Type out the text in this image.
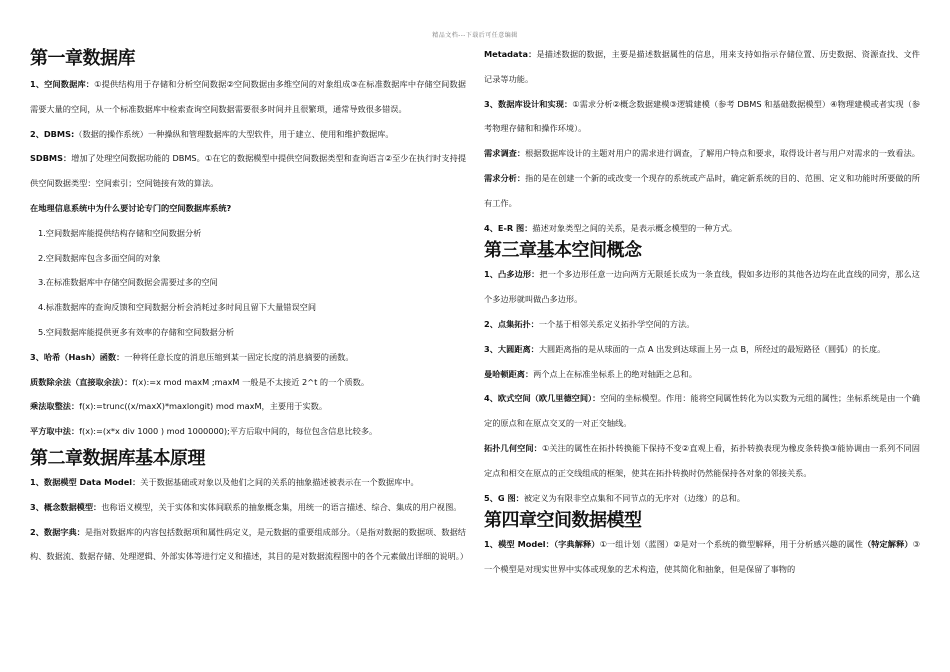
精品文档---下载后可任意编辑
第一章数据库

1、空间数据库：①提供结构用于存储和分析空间数据②空间数据由多维空间的对象组成③在标准数据库中存储空间数据需要大量的空间，从一个标准数据库中检索查询空间数据需要很多时间并且很繁琐，通常导致很多错误。

2、DBMS:（数据的操作系统）一种操纵和管理数据库的大型软件，用于建立、使用和维护数据库。

SDBMS：增加了处理空间数据功能的 DBMS。①在它的数据模型中提供空间数据类型和查询语言②至少在执行时支持提供空间数据类型：空间索引；空间链接有效的算法。

在地理信息系统中为什么要讨论专门的空间数据库系统?

1.空间数据库能提供结构存储和空间数据分析

2.空间数据库包含多面空间的对象

3.在标准数据库中存储空间数据会需要过多的空间

4.标准数据库的查询反馈和空间数据分析会消耗过多时间且留下大量错误空间

5.空间数据库能提供更多有效率的存储和空间数据分析

3、哈希（Hash）函数：一种将任意长度的消息压缩到某一固定长度的消息摘要的函数。

质数除余法（直接取余法）：f(x):=x mod maxM ;maxM 一般是不太接近 2^t 的一个质数。

乘法取整法：f(x):=trunc((x/maxX)*maxlongit) mod maxM，主要用于实数。

平方取中法：f(x):=(x*x div 1000 ) mod 1000000);平方后取中间的，每位包含信息比较多。

第二章数据库基本原理

1、数据模型 Data Model：关于数据基础或对象以及他们之间的关系的抽象描述被表示在一个数据库中。

3、概念数据模型：也称语义模型，关于实体和实体间联系的抽象概念集，用统一的语言描述、综合、集成的用户视图。

2、数据字典：是指对数据库的内容包括数据项和属性码定义，是元数据的重要组成部分。（是指对数据的数据项、数据结构、数据流、数据存储、处理逻辑、外部实体等进行定义和描述，其目的是对数据流程图中的各个元素做出详细的说明。）

Metadata：是描述数据的数据，主要是描述数据属性的信息，用来支持如指示存储位置、历史数据、资源查找、文件记录等功能。

3、数据库设计和实现：①需求分析②概念数据建模③逻辑建模（参考 DBMS 和基础数据模型）④物理建模或者实现（参考物理存储和和操作环境）。

需求调查：根据数据库设计的主题对用户的需求进行调查，了解用户特点和要求，取得设计者与用户对需求的一致看法。需求分析：指的是在创建一个新的或改变一个现存的系统或产品时，确定新系统的目的、范围、定义和功能时所要做的所有工作。

4、E-R 图：描述对象类型之间的关系，是表示概念模型的一种方式。

第三章基本空间概念

1、凸多边形：把一个多边形任意一边向两方无限延长成为一条直线，假如多边形的其他各边均在此直线的同旁，那么这个多边形就叫做凸多边形。

2、点集拓扑：一个基于相邻关系定义拓扑学空间的方法。

3、大圆距离：大圆距离指的是从球面的一点 A 出发到达球面上另一点 B，所经过的最短路径（圆弧）的长度。

曼哈顿距离：两个点上在标准坐标系上的绝对轴距之总和。

4、欧式空间（欧几里德空间）：空间的坐标模型。作用：能将空间属性转化为以实数为元组的属性；坐标系统是由一个确定的原点和在原点交叉的一对正交轴线。

拓扑几何空间：①关注的属性在拓扑转换能下保持不变②直观上看，拓扑转换表现为橡皮条转换③能协调由一系列不同固定点和相交在原点的正交线组成的框架，使其在拓扑转换时仍然能保持各对象的邻接关系。

5、G 图：被定义为有限非空点集和不同节点的无序对（边缘）的总和。

第四章空间数据模型

1、模型 Model：（字典解释）①一组计划（蓝图）②是对一个系统的微型解释，用于分析感兴趣的属性（特定解释）③一个模型是对现实世界中实体或现象的艺术构造，使其简化和抽象，但是保留了事物的
